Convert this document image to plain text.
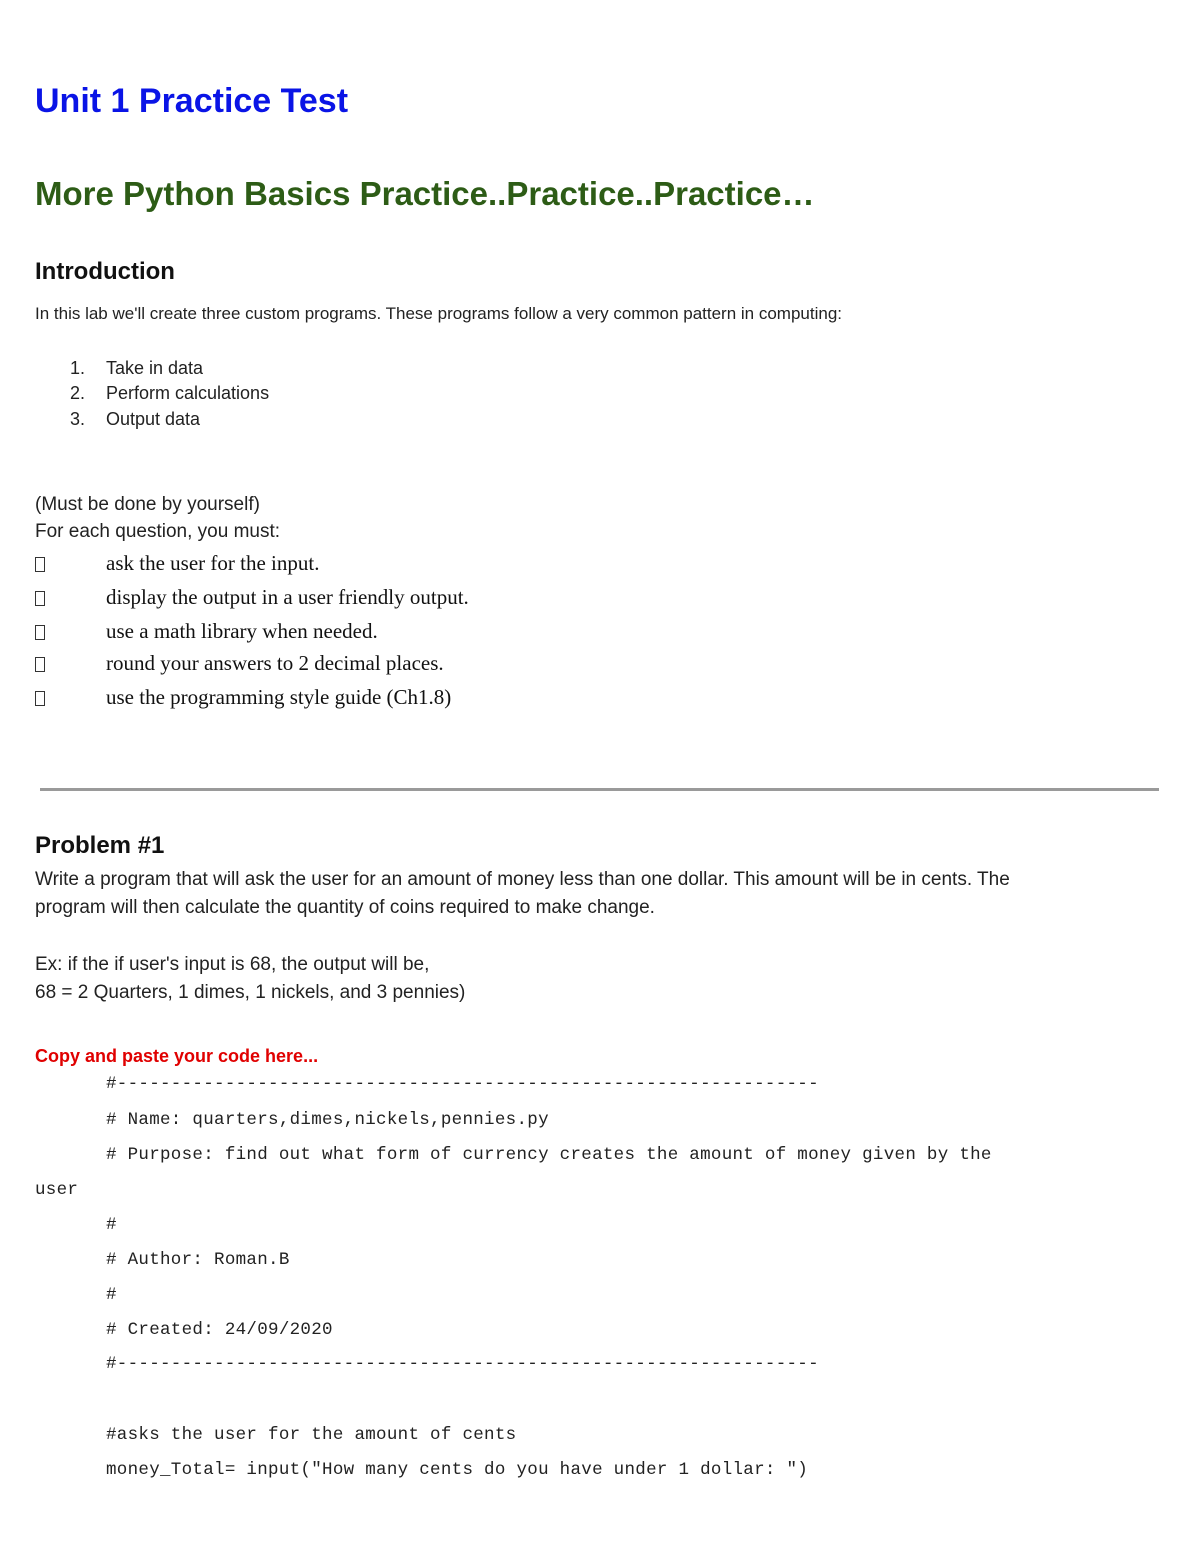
Unit 1 Practice Test
More Python Basics Practice..Practice..Practice…
Introduction
In this lab we'll create three custom programs. These programs follow a very common pattern in computing:
1. Take in data
2. Perform calculations
3. Output data
(Must be done by yourself)
For each question, you must:
ask the user for the input.
display the output in a user friendly output.
use a math library when needed.
round your answers to 2 decimal places.
use the programming style guide (Ch1.8)
Problem #1
Write a program that will ask the user for an amount of money less than one dollar. This amount will be in cents. The
program will then calculate the quantity of coins required to make change.
Ex: if the if user's input is 68, the output will be,
68 = 2 Quarters, 1 dimes, 1 nickels, and 3 pennies)
Copy and paste your code here...
#-----------------------------------------------------------------
# Name: quarters,dimes,nickels,pennies.py
# Purpose: find out what form of currency creates the amount of money given by the
user
#
# Author: Roman.B
#
# Created: 24/09/2020
#-----------------------------------------------------------------
#asks the user for the amount of cents
money_Total= input("How many cents do you have under 1 dollar: ")
